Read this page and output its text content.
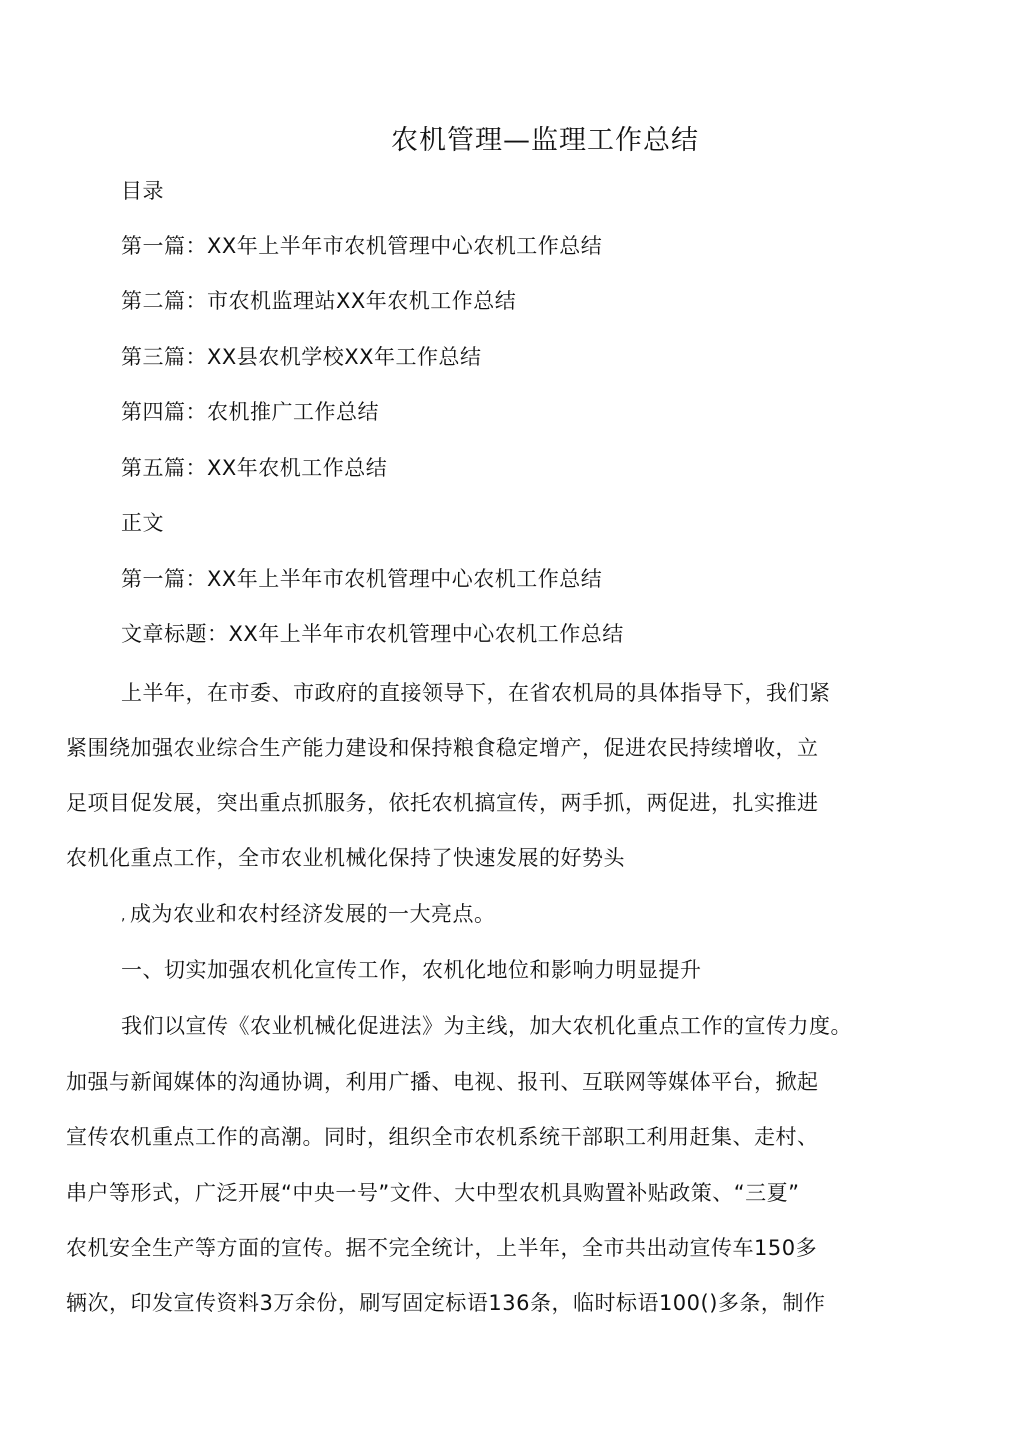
农机管理—监理工作总结
目录
第一篇：XX年上半年市农机管理中心农机工作总结
第二篇：市农机监理站XX年农机工作总结
第三篇：XX县农机学校XX年工作总结
第四篇：农机推广工作总结
第五篇：XX年农机工作总结
正文
第一篇：XX年上半年市农机管理中心农机工作总结
文章标题：XX年上半年市农机管理中心农机工作总结
上半年，在市委、市政府的直接领导下，在省农机局的具体指导下，我们紧
紧围绕加强农业综合生产能力建设和保持粮食稳定增产，促进农民持续增收，立
足项目促发展，突出重点抓服务，依托农机搞宣传，两手抓，两促进，扎实推进
农机化重点工作，全市农业机械化保持了快速发展的好势头
, 成为农业和农村经济发展的一大亮点。
一、切实加强农机化宣传工作，农机化地位和影响力明显提升
我们以宣传《农业机械化促进法》为主线，加大农机化重点工作的宣传力度。
加强与新闻媒体的沟通协调，利用广播、电视、报刊、互联网等媒体平台，掀起
宣传农机重点工作的高潮。同时，组织全市农机系统干部职工利用赶集、走村、
串户等形式，广泛开展“中央一号”文件、大中型农机具购置补贴政策、“三夏”
农机安全生产等方面的宣传。据不完全统计，上半年，全市共出动宣传车150多
辆次，印发宣传资料3万余份，刷写固定标语136条，临时标语100()多条，制作
